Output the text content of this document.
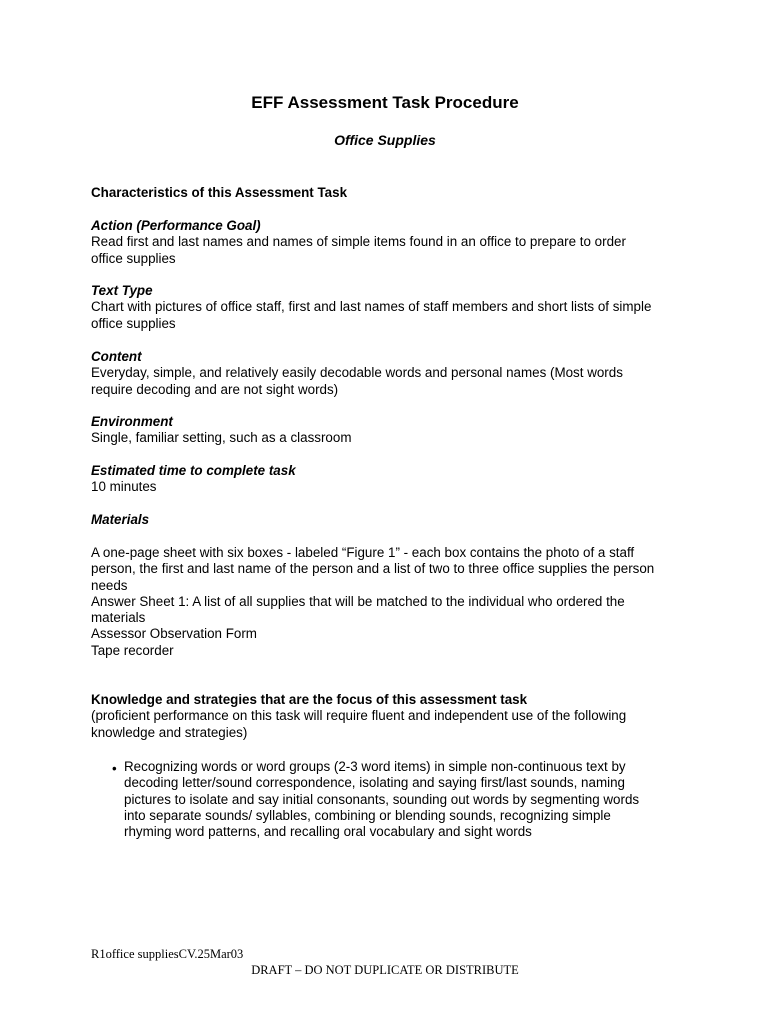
EFF Assessment Task Procedure
Office Supplies
Characteristics of this Assessment Task
Action (Performance Goal)
Read first and last names and names of simple items found in an office to prepare to order
office supplies
Text Type
Chart with pictures of office staff, first and last names of staff members and short lists of simple
office supplies
Content
Everyday, simple, and relatively easily decodable words and personal names (Most words
require decoding and are not sight words)
Environment
Single, familiar setting, such as a classroom
Estimated time to complete task
10 minutes
Materials
A one-page sheet with six boxes - labeled “Figure 1” - each box contains the photo of a staff
person, the first and last name of the person and a list of two to three office supplies the person
needs
Answer Sheet 1: A list of all supplies that will be matched to the individual who ordered the
materials
Assessor Observation Form
Tape recorder
Knowledge and strategies that are the focus of this assessment task
(proficient performance on this task will require fluent and independent use of the following
knowledge and strategies)
• Recognizing words or word groups (2-3 word items) in simple non-continuous text by
decoding letter/sound correspondence, isolating and saying first/last sounds, naming
pictures to isolate and say initial consonants, sounding out words by segmenting words
into separate sounds/ syllables, combining or blending sounds, recognizing simple
rhyming word patterns, and recalling oral vocabulary and sight words
R1office suppliesCV.25Mar03
DRAFT – DO NOT DUPLICATE OR DISTRIBUTE
